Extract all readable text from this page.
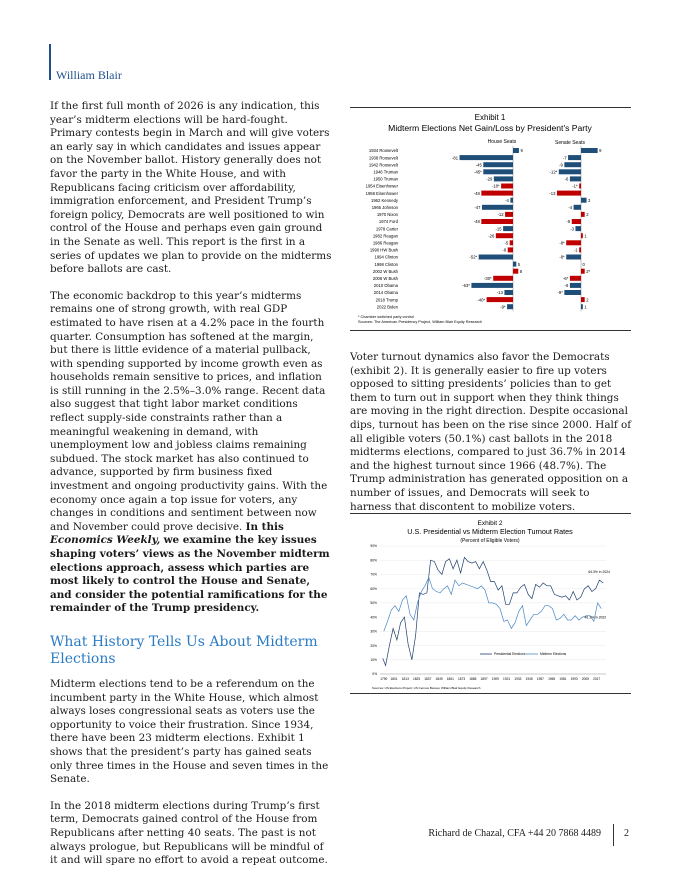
William Blair

If the first full month of 2026 is any indication, this year’s midterm elections will be hard-fought. Primary contests begin in March and will give voters an early say in which candidates and issues appear on the November ballot. History generally does not favor the party in the White House, and with Republicans facing criticism over affordability, immigration enforcement, and President Trump’s foreign policy, Democrats are well positioned to win control of the House and perhaps even gain ground in the Senate as well. This report is the first in a series of updates we plan to provide on the midterms before ballots are cast.

The economic backdrop to this year’s midterms remains one of strong growth, with real GDP estimated to have risen at a 4.2% pace in the fourth quarter. Consumption has softened at the margin, but there is little evidence of a material pullback, with spending supported by income growth even as households remain sensitive to prices, and inflation is still running in the 2.5%–3.0% range. Recent data also suggest that tight labor market conditions reflect supply-side constraints rather than a meaningful weakening in demand, with unemployment low and jobless claims remaining subdued. The stock market has also continued to advance, supported by firm business fixed investment and ongoing productivity gains. With the economy once again a top issue for voters, any changes in conditions and sentiment between now and November could prove decisive. In this Economics Weekly, we examine the key issues shaping voters’ views as the November midterm elections approach, assess which parties are most likely to control the House and Senate, and consider the potential ramifications for the remainder of the Trump presidency.

What History Tells Us About Midterm Elections

Midterm elections tend to be a referendum on the incumbent party in the White House, which almost always loses congressional seats as voters use the opportunity to voice their frustration. Since 1934, there have been 23 midterm elections. Exhibit 1 shows that the president’s party has gained seats only three times in the House and seven times in the Senate.

In the 2018 midterm elections during Trump’s first term, Democrats gained control of the House from Republicans after netting 40 seats. The past is not always prologue, but Republicans will be mindful of it and will spare no effort to avoid a repeat outcome.

Exhibit 1
Midterm Elections Net Gain/Loss by President's Party
House Seats	Senate Seats
* Chamber switched party control
Sources: The American Presidency Project, William Blair Equity Research
1934 Roosevelt	9	9
1938 Roosevelt	-81	-7
1942 Roosevelt	-45	-9
1946 Truman	-45*	-12*
1950 Truman	-29	-6
1954 Eisenhower	-18*	-1*
1958 Eisenhower	-48	-13
1962 Kennedy	-4	3
1966 Johnson	-47	-4
1970 Nixon	-12	2
1974 Ford	-48	-5
1978 Carter	-15	-3
1982 Reagan	-26	1
1986 Reagan	-5	-8*
1990 HW Bush	-8	-1
1994 Clinton	-52*	-8*
1998 Clinton	5	0
2002 W Bush	8	2*
2006 W Bush	-30*	-6*
2010 Obama	-63*	-6
2014 Obama	-13	-9*
2018 Trump	-40*	2
2022 Biden	-9*	1
Voter turnout dynamics also favor the Democrats (exhibit 2). It is generally easier to fire up voters opposed to sitting presidents’ policies than to get them to turn out in support when they think things are moving in the right direction. Despite occasional dips, turnout has been on the rise since 2000. Half of all eligible voters (50.1%) cast ballots in the 2018 midterms elections, compared to just 36.7% in 2014 and the highest turnout since 1966 (48.7%). The Trump administration has generated opposition on a number of issues, and Democrats will seek to harness that discontent to mobilize voters.
Exhibit 2
U.S. Presidential vs Midterm Election Turnout Rates
(Percent of Eligible Voters)
Sources: US Elections Project; US Census Bureau; William Blair Equity Research
0%
10%
20%
30%
40%
50%
60%
70%
80%
90%
1790 1801 1813 1825 1837 1849 1861 1873 1885 1897 1909 1921 1933 1945 1957 1969 1981 1993 2005 2017
Presidential Elections	Midterm Elections
64.3% in 2024
46.1% in 2022
Richard de Chazal, CFA +44 20 7868 4489 2
